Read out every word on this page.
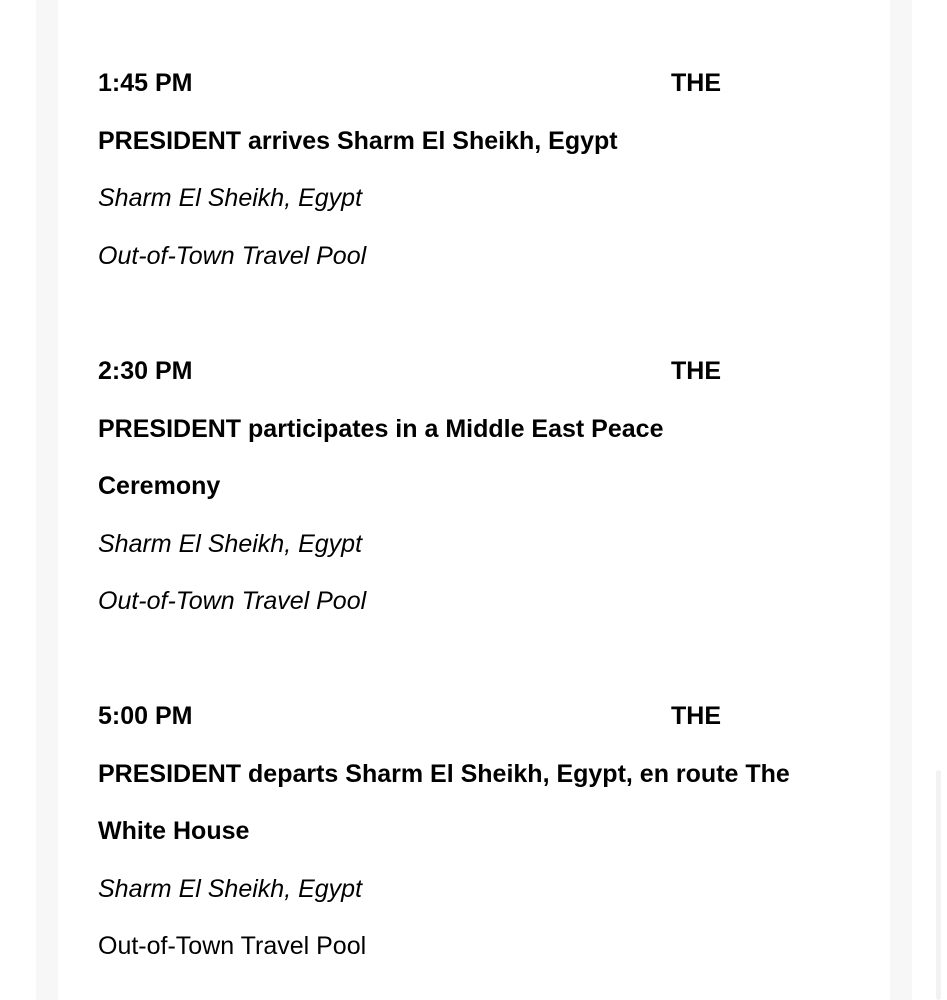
1:45 PM	THE
PRESIDENT arrives Sharm El Sheikh, Egypt
Sharm El Sheikh, Egypt
Out-of-Town Travel Pool
2:30 PM	THE
PRESIDENT participates in a Middle East Peace
Ceremony
Sharm El Sheikh, Egypt
Out-of-Town Travel Pool
5:00 PM	THE
PRESIDENT departs Sharm El Sheikh, Egypt, en route The
White House
Sharm El Sheikh, Egypt
Out-of-Town Travel Pool
